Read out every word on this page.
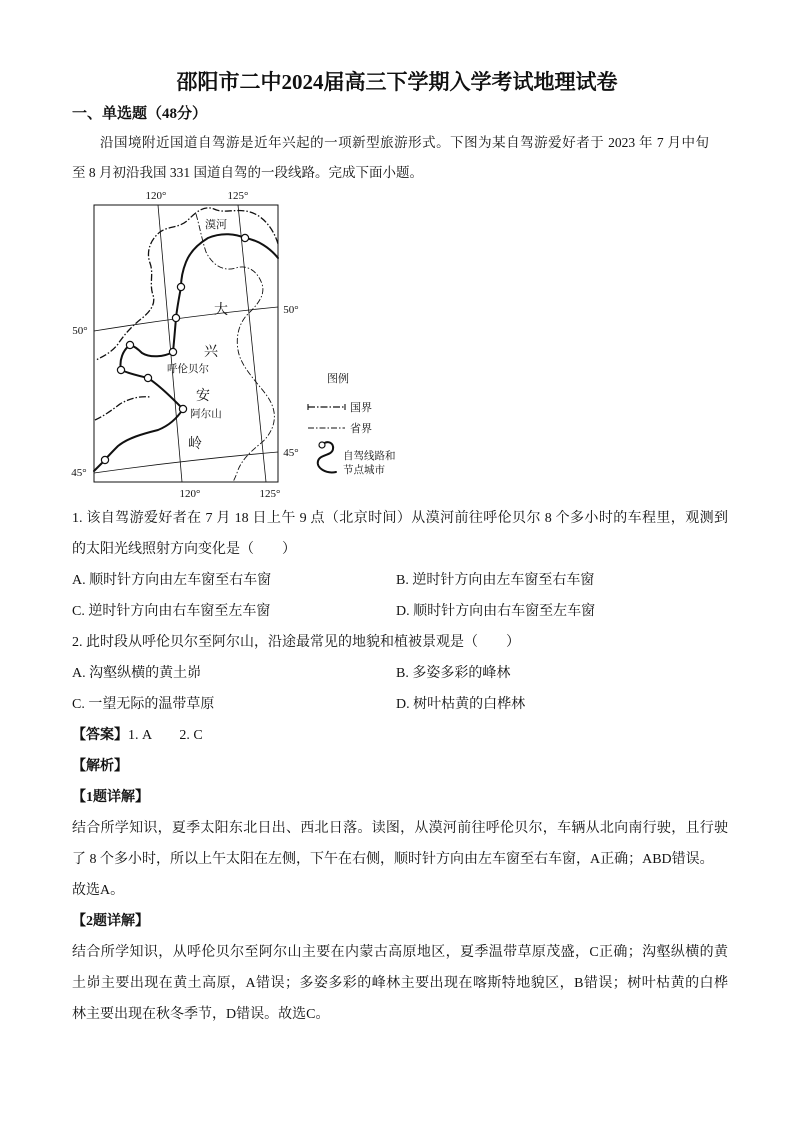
邵阳市二中2024届高三下学期入学考试地理试卷
一、单选题（48分）
沿国境附近国道自驾游是近年兴起的一项新型旅游形式。下图为某自驾游爱好者于 2023 年 7 月中旬
至 8 月初沿我国 331 国道自驾的一段线路。完成下面小题。
120°	125°
120°	125°
50°
45°
50°
45°
漠河
呼伦贝尔
阿尔山
大
兴
安
岭
图例
国界
省界
自驾线路和
节点城市
1. 该自驾游爱好者在 7 月 18 日上午 9 点（北京时间）从漠河前往呼伦贝尔 8 个多小时的车程里，观测到
的太阳光线照射方向变化是（　　）
A. 顺时针方向由左车窗至右车窗	B. 逆时针方向由左车窗至右车窗
C. 逆时针方向由右车窗至左车窗	D. 顺时针方向由右车窗至左车窗
2. 此时段从呼伦贝尔至阿尔山，沿途最常见的地貌和植被景观是（　　）
A. 沟壑纵横的黄土峁	B. 多姿多彩的峰林
C. 一望无际的温带草原	D. 树叶枯黄的白桦林
【答案】1. A　　2. C
【解析】
【1题详解】
结合所学知识，夏季太阳东北日出、西北日落。读图，从漠河前往呼伦贝尔，车辆从北向南行驶，且行驶
了 8 个多小时，所以上午太阳在左侧，下午在右侧，顺时针方向由左车窗至右车窗，A正确；ABD错误。
故选A。
【2题详解】
结合所学知识，从呼伦贝尔至阿尔山主要在内蒙古高原地区，夏季温带草原茂盛，C正确；沟壑纵横的黄
土峁主要出现在黄土高原，A错误；多姿多彩的峰林主要出现在喀斯特地貌区，B错误；树叶枯黄的白桦
林主要出现在秋冬季节，D错误。故选C。
